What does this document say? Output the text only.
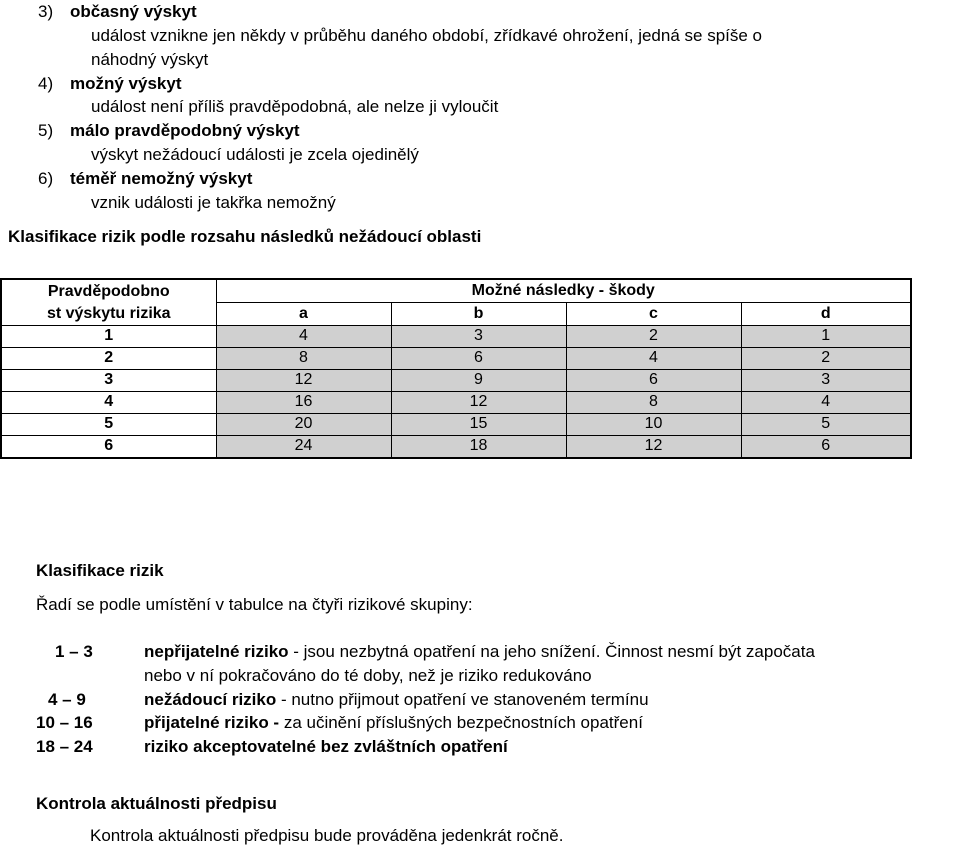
3) občasný výskyt
událost vznikne jen někdy v průběhu daného období, zřídkavé ohrožení, jedná se spíše o
náhodný výskyt
4) možný výskyt
událost není příliš pravděpodobná, ale nelze ji vyloučit
5) málo pravděpodobný výskyt
výskyt nežádoucí události je zcela ojedinělý
6) téměř nemožný výskyt
vznik události je takřka nemožný
Klasifikace rizik podle rozsahu následků nežádoucí oblasti
Pravděpodobno	Možné následky - škody			
st výskytu rizika	a	b	c	d
1	4	3	2	1
2	8	6	4	2
3	12	9	6	3
4	16	12	8	4
5	20	15	10	5
6	24	18	12	6
Klasifikace rizik
Řadí se podle umístění v tabulce na čtyři rizikové skupiny:
1 – 3	nepřijatelné riziko - jsou nezbytná opatření na jeho snížení. Činnost nesmí být započata
nebo v ní pokračováno do té doby, než je riziko redukováno
4 – 9	nežádoucí riziko - nutno přijmout opatření ve stanoveném termínu
10 – 16	přijatelné riziko - za učinění příslušných bezpečnostních opatření
18 – 24	riziko akceptovatelné bez zvláštních opatření
Kontrola aktuálnosti předpisu
Kontrola aktuálnosti předpisu bude prováděna jedenkrát ročně.
